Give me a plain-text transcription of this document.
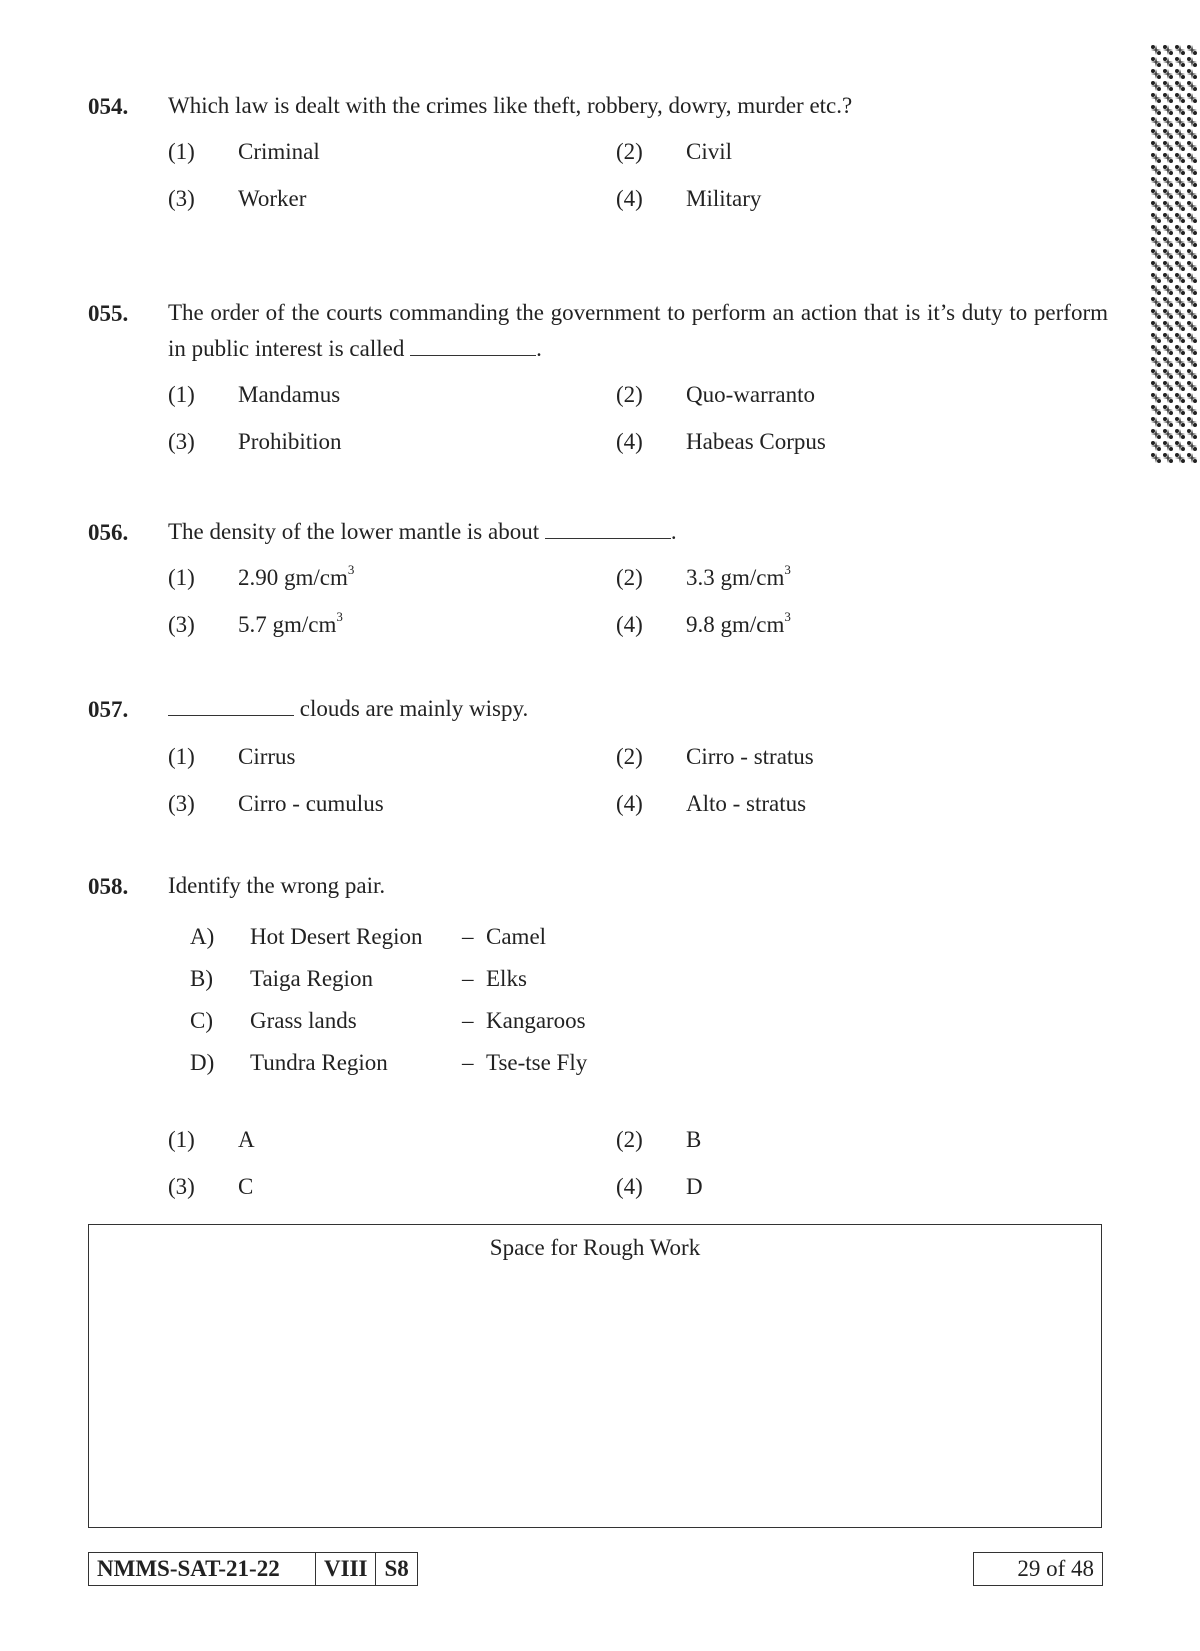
054. Which law is dealt with the crimes like theft, robbery, dowry, murder etc.?
(1) Criminal	(2) Civil
(3) Worker	(4) Military
055. The order of the courts commanding the government to perform an action that is it’s duty to perform in public interest is called	.
(1) Mandamus	(2) Quo-warranto
(3) Prohibition	(4) Habeas Corpus
056. The density of the lower mantle is about	.
(1) 2.90 $gm/cm^3$	(2) 3.3 $gm/cm^3$
(3) 5.7 $gm/cm^3$	(4) 9.8 $gm/cm^3$
057.	clouds are mainly wispy.
(1) Cirrus	(2) Cirro - stratus
(3) Cirro - cumulus	(4) Alto - stratus
058. Identify the wrong pair.
A) Hot Desert Region – Camel
B) Taiga Region	– Elks
C) Grass lands	– Kangaroos
D) Tundra Region	– Tse-tse Fly
(1) A	(2) B
(3) C	(4) D
Space for Rough Work
NMMS-SAT-21-22	VIII S8	29 of 48
